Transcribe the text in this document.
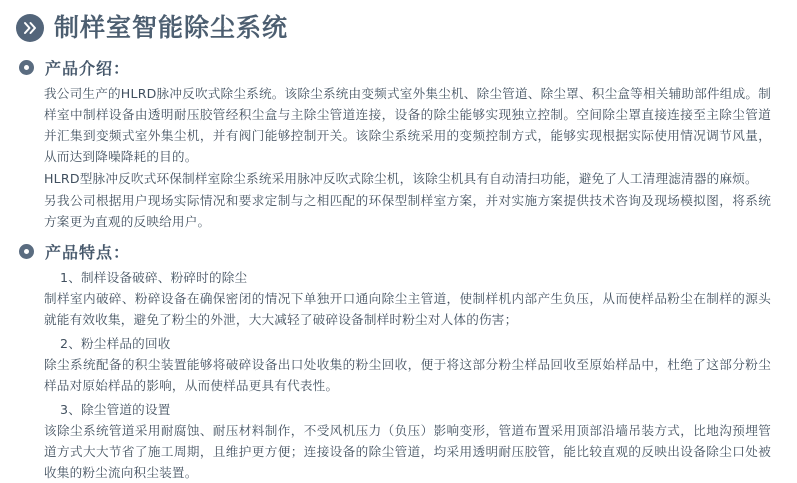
制样室智能除尘系统
产品介绍：

我公司生产的HLRD脉冲反吹式除尘系统。该除尘系统由变频式室外集尘机、除尘管道、除尘罩、积尘盒等相关辅助部件组成。制样室中制样设备由透明耐压胶管经积尘盒与主除尘管道连接，设备的除尘能够实现独立控制。空间除尘罩直接连接至主除尘管道并汇集到变频式室外集尘机，并有阀门能够控制开关。该除尘系统采用的变频控制方式，能够实现根据实际使用情况调节风量，从而达到降噪降耗的目的。

HLRD型脉冲反吹式环保制样室除尘系统采用脉冲反吹式除尘机，该除尘机具有自动清扫功能，避免了人工清理滤清器的麻烦。

另我公司根据用户现场实际情况和要求定制与之相匹配的环保型制样室方案，并对实施方案提供技术咨询及现场模拟图，将系统方案更为直观的反映给用户。

产品特点：

1、制样设备破碎、粉碎时的除尘

制样室内破碎、粉碎设备在确保密闭的情况下单独开口通向除尘主管道，使制样机内部产生负压，从而使样品粉尘在制样的源头就能有效收集，避免了粉尘的外泄，大大减轻了破碎设备制样时粉尘对人体的伤害；

2、粉尘样品的回收

除尘系统配备的积尘装置能够将破碎设备出口处收集的粉尘回收，便于将这部分粉尘样品回收至原始样品中，杜绝了这部分粉尘样品对原始样品的影响，从而使样品更具有代表性。

3、除尘管道的设置

该除尘系统管道采用耐腐蚀、耐压材料制作，不受风机压力（负压）影响变形，管道布置采用顶部沿墙吊装方式，比地沟预埋管道方式大大节省了施工周期，且维护更方便；连接设备的除尘管道，均采用透明耐压胶管，能比较直观的反映出设备除尘口处被收集的粉尘流向积尘装置。
